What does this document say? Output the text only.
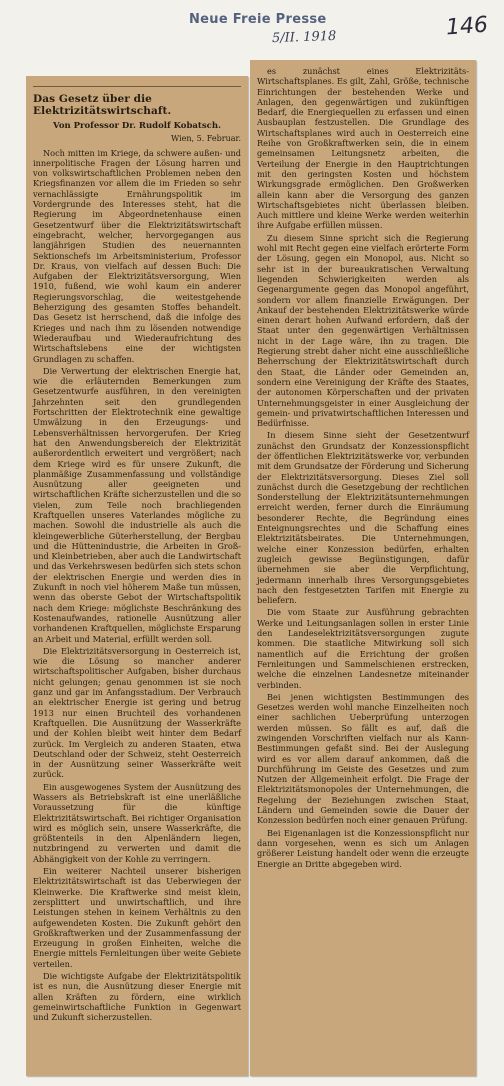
Neue Freie Presse
5/II. 1918	146
Das Gesetz über die Elektrizitätswirtschaft.
Von Professor Dr. Rudolf Kobatsch.
Wien, 5. Februar.

Noch mitten im Kriege, da schwere außen- und innerpolitische Fragen der Lösung harren und von volkswirtschaftlichen Problemen neben den Kriegsfinanzen vor allem die im Frieden so sehr vernachlässigte Ernährungspolitik im Vordergrunde des Interesses steht, hat die Regierung im Abgeordnetenhause einen Gesetzentwurf über die Elektrizitätswirtschaft eingebracht, welcher, hervorgegangen aus langjährigen Studien des neuernannten Sektionschefs im Arbeitsministerium, Professor Dr. Kraus, von vielfach auf dessen Buch: Die Aufgaben der Elektrizitätsversorgung, Wien 1910, fußend, wie wohl kaum ein anderer Regierungsvorschlag, die weitestgehende Beherzigung des gesamten Stoffes behandelt. Das Gesetz ist herrschend, daß die infolge des Krieges und nach ihm zu lösenden notwendige Wiederaufbau und Wiederaufrichtung des Wirtschaftslebens eine der wichtigsten Grundlagen zu schaffen.

Die Verwertung der elektrischen Energie hat, wie die erläuternden Bemerkungen zum Gesetzentwurfe ausführen, in den vereinigten Jahrzehnten seit den grundlegenden Fortschritten der Elektrotechnik eine gewaltige Umwälzung in den Erzeugungs- und Lebensverhältnissen hervorgerufen. Der Krieg hat den Anwendungsbereich der Elektrizität außerordentlich erweitert und vergrößert; nach dem Kriege wird es für unsere Zukunft, die planmäßige Zusammenfassung und vollständige Ausnützung aller geeigneten und wirtschaftlichen Kräfte sicherzustellen und die so vielen, zum Teile noch brachliegenden Kraftquellen unseres Vaterlandes mögliche zu machen. Sowohl die industrielle als auch die kleingewerbliche Güterherstellung, der Bergbau und die Hüttenindustrie, die Arbeiten in Groß- und Kleinbetrieben, aber auch die Landwirtschaft und das Verkehrswesen bedürfen sich stets schon der elektrischen Energie und werden dies in Zukunft in noch viel höherem Maße tun müssen, wenn das oberste Gebot der Wirtschaftspolitik nach dem Kriege: möglichste Beschränkung des Kostenaufwandes, rationelle Ausnützung aller vorhandenen Kraftquellen, möglichste Ersparung an Arbeit und Material, erfüllt werden soll.

Die Elektrizitätsversorgung in Oesterreich ist, wie die Lösung so mancher anderer wirtschaftspolitischer Aufgaben, bisher durchaus nicht gelungen; genau genommen ist sie noch ganz und gar im Anfangsstadium. Der Verbrauch an elektrischer Energie ist gering und betrug 1913 nur einen Bruchteil des vorhandenen Kraftquellen. Die Ausnützung der Wasserkräfte und der Kohlen bleibt weit hinter dem Bedarf zurück. Im Vergleich zu anderen Staaten, etwa Deutschland oder der Schweiz, steht Oesterreich in der Ausnützung seiner Wasserkräfte weit zurück.

Ein ausgewogenes System der Ausnützung des Wassers als Betriebskraft ist eine unerläßliche Voraussetzung für die künftige Elektrizitätswirtschaft. Bei richtiger Organisation wird es möglich sein, unsere Wasserkräfte, die größtenteils in den Alpenländern liegen, nutzbringend zu verwerten und damit die Abhängigkeit von der Kohle zu verringern.

Ein weiterer Nachteil unserer bisherigen Elektrizitätswirtschaft ist das Ueberwiegen der Kleinwerke. Die Kraftwerke sind meist klein, zersplittert und unwirtschaftlich, und ihre Leistungen stehen in keinem Verhältnis zu den aufgewendeten Kosten. Die Zukunft gehört den Großkraftwerken und der Zusammenfassung der Erzeugung in großen Einheiten, welche die Energie mittels Fernleitungen über weite Gebiete verteilen.

Die wichtigste Aufgabe der Elektrizitätspolitik ist es nun, die Ausnützung dieser Energie mit allen Kräften zu fördern, eine wirklich gemeinwirtschaftliche Funktion in Gegenwart und Zukunft sicherzustellen.

es zunächst eines Elektrizitäts-Wirtschaftsplanes. Es gilt, Zahl, Größe, technische Einrichtungen der bestehenden Werke und Anlagen, den gegenwärtigen und zukünftigen Bedarf, die Energiequellen zu erfassen und einen Ausbauplan festzustellen. Die Grundlage des Wirtschaftsplanes wird auch in Oesterreich eine Reihe von Großkraftwerken sein, die in einem gemeinsamen Leitungsnetz arbeiten, die Verteilung der Energie in den Hauptrichtungen mit den geringsten Kosten und höchstem Wirkungsgrade ermöglichen. Den Großwerken allein kann aber die Versorgung des ganzen Wirtschaftsgebietes nicht überlassen bleiben. Auch mittlere und kleine Werke werden weiterhin ihre Aufgabe erfüllen müssen.

Zu diesem Sinne spricht sich die Regierung wohl mit Recht gegen eine vielfach erörterte Form der Lösung, gegen ein Monopol, aus. Nicht so sehr ist in der bureaukratischen Verwaltung liegenden Schwierigkeiten werden als Gegenargumente gegen das Monopol angeführt, sondern vor allem finanzielle Erwägungen. Der Ankauf der bestehenden Elektrizitätswerke würde einen derart hohen Aufwand erfordern, daß der Staat unter den gegenwärtigen Verhältnissen nicht in der Lage wäre, ihn zu tragen. Die Regierung strebt daher nicht eine ausschließliche Beherrschung der Elektrizitätswirtschaft durch den Staat, die Länder oder Gemeinden an, sondern eine Vereinigung der Kräfte des Staates, der autonomen Körperschaften und der privaten Unternehmungsgeister in einer Ausgleichung der gemein- und privatwirtschaftlichen Interessen und Bedürfnisse.

In diesem Sinne sieht der Gesetzentwurf zunächst den Grundsatz der Konzessionspflicht der öffentlichen Elektrizitätswerke vor, verbunden mit dem Grundsatze der Förderung und Sicherung der Elektrizitätsversorgung. Dieses Ziel soll zunächst durch die Gesetzgebung der rechtlichen Sonderstellung der Elektrizitätsunternehmungen erreicht werden, ferner durch die Einräumung besonderer Rechte, die Begründung eines Enteignungsrechtes und die Schaffung eines Elektrizitätsbeirates. Die Unternehmungen, welche einer Konzession bedürfen, erhalten zugleich gewisse Begünstigungen, dafür übernehmen sie aber die Verpflichtung, jedermann innerhalb ihres Versorgungsgebietes nach den festgesetzten Tarifen mit Energie zu beliefern.

Die vom Staate zur Ausführung gebrachten Werke und Leitungsanlagen sollen in erster Linie den Landeselektrizitätsversorgungen zugute kommen. Die staatliche Mitwirkung soll sich namentlich auf die Errichtung der großen Fernleitungen und Sammelschienen erstrecken, welche die einzelnen Landesnetze miteinander verbinden.

Bei jenen wichtigsten Bestimmungen des Gesetzes werden wohl manche Einzelheiten noch einer sachlichen Ueberprüfung unterzogen werden müssen. So fällt es auf, daß die zwingenden Vorschriften vielfach nur als Kann-Bestimmungen gefaßt sind. Bei der Auslegung wird es vor allem darauf ankommen, daß die Durchführung im Geiste des Gesetzes und zum Nutzen der Allgemeinheit erfolgt. Die Frage der Elektrizitätsmonopoles der Unternehmungen, die Regelung der Beziehungen zwischen Staat, Ländern und Gemeinden sowie die Dauer der Konzession bedürfen noch einer genauen Prüfung.

Bei Eigenanlagen ist die Konzessionspflicht nur dann vorgesehen, wenn es sich um Anlagen größerer Leistung handelt oder wenn die erzeugte Energie an Dritte abgegeben wird.
